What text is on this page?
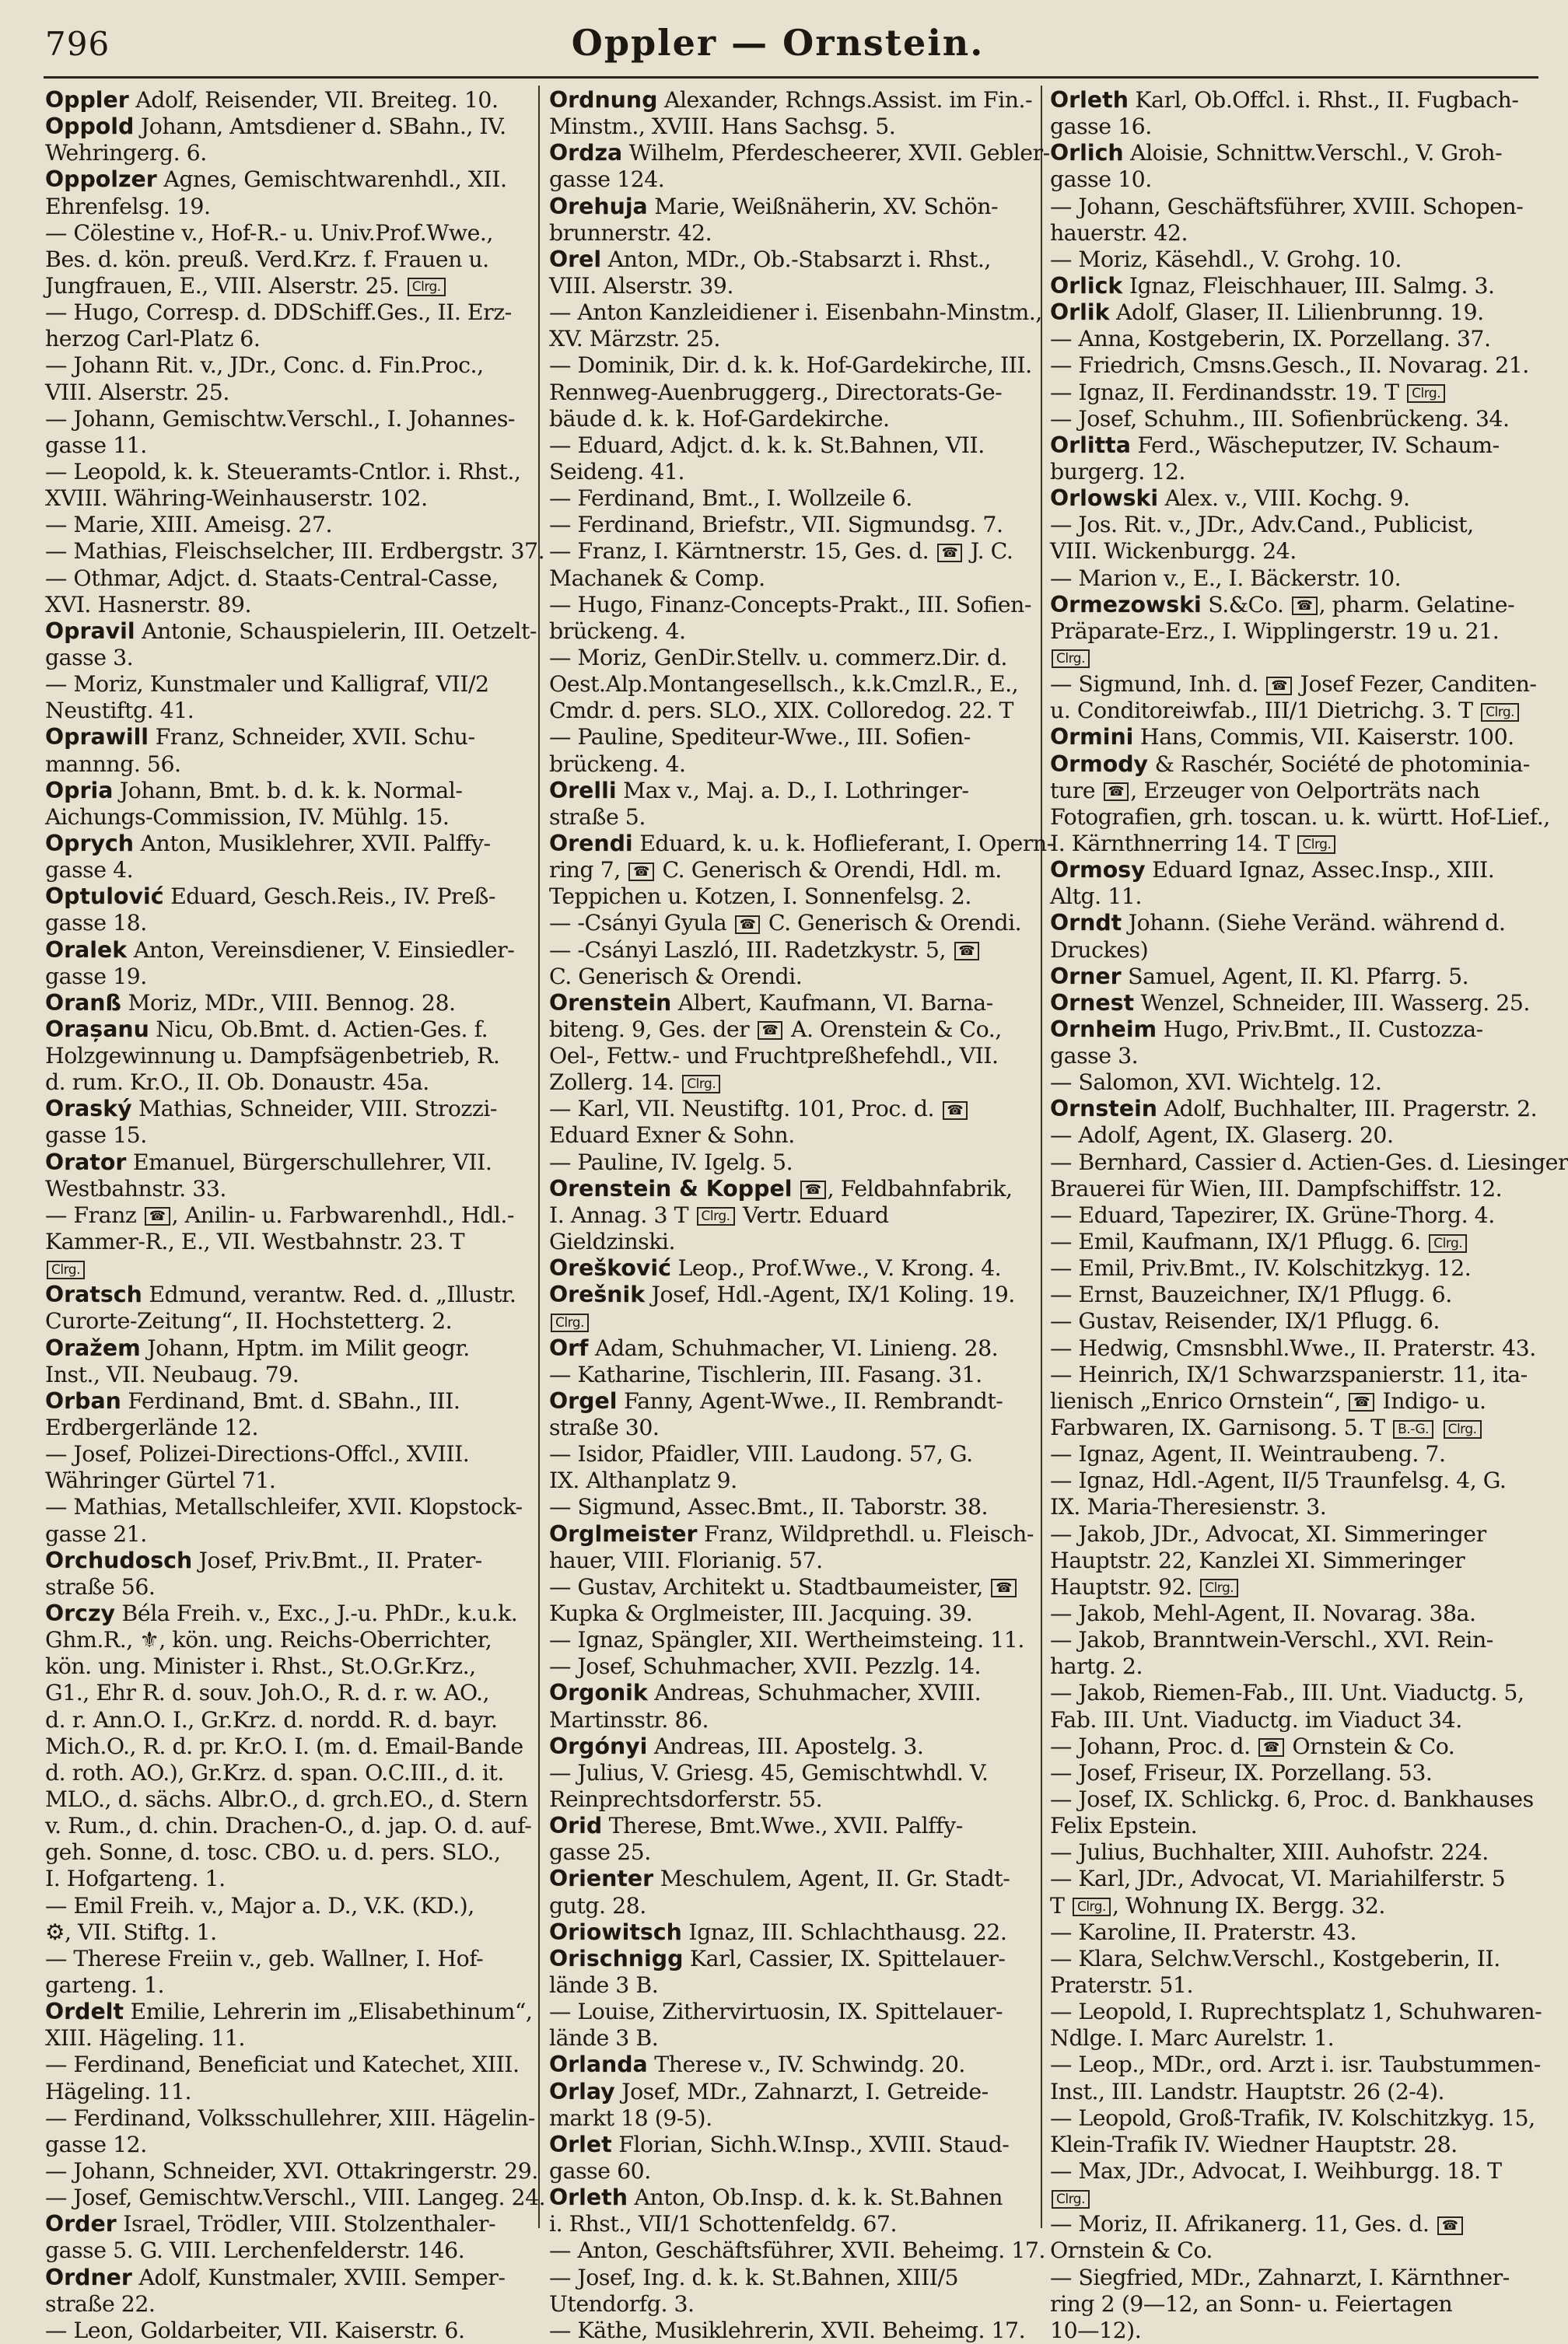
796	Oppler — Ornstein.
Oppler Adolf, Reisender, VII. Breiteg. 10.
Oppold Johann, Amtsdiener d. SBahn., IV.
Wehringerg. 6.
Oppolzer Agnes, Gemischtwarenhdl., XII.
Ehrenfelsg. 19.
— Cölestine v., Hof-R.- u. Univ.Prof.Wwe.,
Bes. d. kön. preuß. Verd.Krz. f. Frauen u.
Jungfrauen, E., VIII. Alserstr. 25. Clrg.
— Hugo, Corresp. d. DDSchiff.Ges., II. Erz-
herzog Carl-Platz 6.
— Johann Rit. v., JDr., Conc. d. Fin.Proc.,
VIII. Alserstr. 25.
— Johann, Gemischtw.Verschl., I. Johannes-
gasse 11.
— Leopold, k. k. Steueramts-Cntlor. i. Rhst.,
XVIII. Währing-Weinhauserstr. 102.
— Marie, XIII. Ameisg. 27.
— Mathias, Fleischselcher, III. Erdbergstr. 37.
— Othmar, Adjct. d. Staats-Central-Casse,
XVI. Hasnerstr. 89.
Opravil Antonie, Schauspielerin, III. Oetzelt-
gasse 3.
— Moriz, Kunstmaler und Kalligraf, VII/2
Neustiftg. 41.
Oprawill Franz, Schneider, XVII. Schu-
mannng. 56.
Opria Johann, Bmt. b. d. k. k. Normal-
Aichungs-Commission, IV. Mühlg. 15.
Oprych Anton, Musiklehrer, XVII. Palffy-
gasse 4.
Optulović Eduard, Gesch.Reis., IV. Preß-
gasse 18.
Oralek Anton, Vereinsdiener, V. Einsiedler-
gasse 19.
Oranß Moriz, MDr., VIII. Bennog. 28.
Orașanu Nicu, Ob.Bmt. d. Actien-Ges. f.
Holzgewinnung u. Dampfsägenbetrieb, R.
d. rum. Kr.O., II. Ob. Donaustr. 45a.
Oraský Mathias, Schneider, VIII. Strozzi-
gasse 15.
Orator Emanuel, Bürgerschullehrer, VII.
Westbahnstr. 33.
— Franz ☎ , Anilin- u. Farbwarenhdl., Hdl.-
Kammer-R., E., VII. Westbahnstr. 23. T
Clrg.
Oratsch Edmund, verantw. Red. d. „Illustr.
Curorte-Zeitung“, II. Hochstetterg. 2.
Oražem Johann, Hptm. im Milit geogr.
Inst., VII. Neubaug. 79.
Orban Ferdinand, Bmt. d. SBahn., III.
Erdbergerlände 12.
— Josef, Polizei-Directions-Offcl., XVIII.
Währinger Gürtel 71.
— Mathias, Metallschleifer, XVII. Klopstock-
gasse 21.
Orchudosch Josef, Priv.Bmt., II. Prater-
straße 56.
Orczy Béla Freih. v., Exc., J.-u. PhDr., k.u.k.
Ghm.R., ⚜, kön. ung. Reichs-Oberrichter,
kön. ung. Minister i. Rhst., St.O.Gr.Krz.,
G1., Ehr R. d. souv. Joh.O., R. d. r. w. AO.,
d. r. Ann.O. I., Gr.Krz. d. nordd. R. d. bayr.
Mich.O., R. d. pr. Kr.O. I. (m. d. Email-Bande
d. roth. AO.), Gr.Krz. d. span. O.C.III., d. it.
MLO., d. sächs. Albr.O., d. grch.EO., d. Stern
v. Rum., d. chin. Drachen-O., d. jap. O. d. auf-
geh. Sonne, d. tosc. CBO. u. d. pers. SLO.,
I. Hofgarteng. 1.
— Emil Freih. v., Major a. D., V.K. (KD.),
⚙, VII. Stiftg. 1.
— Therese Freiin v., geb. Wallner, I. Hof-
garteng. 1.
Ordelt Emilie, Lehrerin im „Elisabethinum“,
XIII. Hägeling. 11.
— Ferdinand, Beneficiat und Katechet, XIII.
Hägeling. 11.
— Ferdinand, Volksschullehrer, XIII. Hägelin-
gasse 12.
— Johann, Schneider, XVI. Ottakringerstr. 29.
— Josef, Gemischtw.Verschl., VIII. Langeg. 24.
Order Israel, Trödler, VIII. Stolzenthaler-
gasse 5. G. VIII. Lerchenfelderstr. 146.
Ordner Adolf, Kunstmaler, XVIII. Semper-
straße 22.
— Leon, Goldarbeiter, VII. Kaiserstr. 6.
Ordnung Alexander, Rchngs.Assist. im Fin.-
Minstm., XVIII. Hans Sachsg. 5.
Ordza Wilhelm, Pferdescheerer, XVII. Gebler-
gasse 124.
Orehuja Marie, Weißnäherin, XV. Schön-
brunnerstr. 42.
Orel Anton, MDr., Ob.-Stabsarzt i. Rhst.,
VIII. Alserstr. 39.
— Anton Kanzleidiener i. Eisenbahn-Minstm.,
XV. Märzstr. 25.
— Dominik, Dir. d. k. k. Hof-Gardekirche, III.
Rennweg-Auenbruggerg., Directorats-Ge-
bäude d. k. k. Hof-Gardekirche.
— Eduard, Adjct. d. k. k. St.Bahnen, VII.
Seideng. 41.
— Ferdinand, Bmt., I. Wollzeile 6.
— Ferdinand, Briefstr., VII. Sigmundsg. 7.
— Franz, I. Kärntnerstr. 15, Ges. d. ☎ J. C.
Machanek & Comp.
— Hugo, Finanz-Concepts-Prakt., III. Sofien-
brückeng. 4.
— Moriz, GenDir.Stellv. u. commerz.Dir. d.
Oest.Alp.Montangesellsch., k.k.Cmzl.R., E.,
Cmdr. d. pers. SLO., XIX. Colloredog. 22. T
— Pauline, Spediteur-Wwe., III. Sofien-
brückeng. 4.
Orelli Max v., Maj. a. D., I. Lothringer-
straße 5.
Orendi Eduard, k. u. k. Hoflieferant, I. Opern-
ring 7, ☎ C. Generisch & Orendi, Hdl. m.
Teppichen u. Kotzen, I. Sonnenfelsg. 2.
— -Csányi Gyula ☎ C. Generisch & Orendi.
— -Csányi Laszló, III. Radetzkystr. 5, ☎
C. Generisch & Orendi.
Orenstein Albert, Kaufmann, VI. Barna-
biteng. 9, Ges. der ☎ A. Orenstein & Co.,
Oel-, Fettw.- und Fruchtpreßhefehdl., VII.
Zollerg. 14. Clrg.
— Karl, VII. Neustiftg. 101, Proc. d. ☎
Eduard Exner & Sohn.
— Pauline, IV. Igelg. 5.
Orenstein & Koppel ☎ , Feldbahnfabrik,
I. Annag. 3 T Clrg. Vertr. Eduard
Gieldzinski.
Orešković Leop., Prof.Wwe., V. Krong. 4.
Orešnik Josef, Hdl.-Agent, IX/1 Koling. 19.
Clrg.
Orf Adam, Schuhmacher, VI. Linieng. 28.
— Katharine, Tischlerin, III. Fasang. 31.
Orgel Fanny, Agent-Wwe., II. Rembrandt-
straße 30.
— Isidor, Pfaidler, VIII. Laudong. 57, G.
IX. Althanplatz 9.
— Sigmund, Assec.Bmt., II. Taborstr. 38.
Orglmeister Franz, Wildprethdl. u. Fleisch-
hauer, VIII. Florianig. 57.
— Gustav, Architekt u. Stadtbaumeister, ☎
Kupka & Orglmeister, III. Jacquing. 39.
— Ignaz, Spängler, XII. Wertheimsteing. 11.
— Josef, Schuhmacher, XVII. Pezzlg. 14.
Orgonik Andreas, Schuhmacher, XVIII.
Martinsstr. 86.
Orgónyi Andreas, III. Apostelg. 3.
— Julius, V. Griesg. 45, Gemischtwhdl. V.
Reinprechtsdorferstr. 55.
Orid Therese, Bmt.Wwe., XVII. Palffy-
gasse 25.
Orienter Meschulem, Agent, II. Gr. Stadt-
gutg. 28.
Oriowitsch Ignaz, III. Schlachthausg. 22.
Orischnigg Karl, Cassier, IX. Spittelauer-
lände 3 B.
— Louise, Zithervirtuosin, IX. Spittelauer-
lände 3 B.
Orlanda Therese v., IV. Schwindg. 20.
Orlay Josef, MDr., Zahnarzt, I. Getreide-
markt 18 (9-5).
Orlet Florian, Sichh.W.Insp., XVIII. Staud-
gasse 60.
Orleth Anton, Ob.Insp. d. k. k. St.Bahnen
i. Rhst., VII/1 Schottenfeldg. 67.
— Anton, Geschäftsführer, XVII. Beheimg. 17.
— Josef, Ing. d. k. k. St.Bahnen, XIII/5
Utendorfg. 3.
— Käthe, Musiklehrerin, XVII. Beheimg. 17.
Orleth Karl, Ob.Offcl. i. Rhst., II. Fugbach-
gasse 16.
Orlich Aloisie, Schnittw.Verschl., V. Groh-
gasse 10.
— Johann, Geschäftsführer, XVIII. Schopen-
hauerstr. 42.
— Moriz, Käsehdl., V. Grohg. 10.
Orlick Ignaz, Fleischhauer, III. Salmg. 3.
Orlik Adolf, Glaser, II. Lilienbrunng. 19.
— Anna, Kostgeberin, IX. Porzellang. 37.
— Friedrich, Cmsns.Gesch., II. Novarag. 21.
— Ignaz, II. Ferdinandsstr. 19. T Clrg.
— Josef, Schuhm., III. Sofienbrückeng. 34.
Orlitta Ferd., Wäscheputzer, IV. Schaum-
burgerg. 12.
Orlowski Alex. v., VIII. Kochg. 9.
— Jos. Rit. v., JDr., Adv.Cand., Publicist,
VIII. Wickenburgg. 24.
— Marion v., E., I. Bäckerstr. 10.
Ormezowski S.&Co. ☎ , pharm. Gelatine-
Präparate-Erz., I. Wipplingerstr. 19 u. 21.
Clrg.
— Sigmund, Inh. d. ☎ Josef Fezer, Canditen-
u. Conditoreiwfab., III/1 Dietrichg. 3. T Clrg.
Ormini Hans, Commis, VII. Kaiserstr. 100.
Ormody & Raschér, Société de photominia-
ture ☎ , Erzeuger von Oelporträts nach
Fotografien, grh. toscan. u. k. württ. Hof-Lief.,
I. Kärnthnerring 14. T Clrg.
Ormosy Eduard Ignaz, Assec.Insp., XIII.
Altg. 11.
Orndt Johann. (Siehe Veränd. während d.
Druckes)
Orner Samuel, Agent, II. Kl. Pfarrg. 5.
Ornest Wenzel, Schneider, III. Wasserg. 25.
Ornheim Hugo, Priv.Bmt., II. Custozza-
gasse 3.
— Salomon, XVI. Wichtelg. 12.
Ornstein Adolf, Buchhalter, III. Pragerstr. 2.
— Adolf, Agent, IX. Glaserg. 20.
— Bernhard, Cassier d. Actien-Ges. d. Liesinger
Brauerei für Wien, III. Dampfschiffstr. 12.
— Eduard, Tapezirer, IX. Grüne-Thorg. 4.
— Emil, Kaufmann, IX/1 Pflugg. 6. Clrg.
— Emil, Priv.Bmt., IV. Kolschitzkyg. 12.
— Ernst, Bauzeichner, IX/1 Pflugg. 6.
— Gustav, Reisender, IX/1 Pflugg. 6.
— Hedwig, Cmsnsbhl.Wwe., II. Praterstr. 43.
— Heinrich, IX/1 Schwarzspanierstr. 11, ita-
lienisch „Enrico Ornstein“, ☎ Indigo- u.
Farbwaren, IX. Garnisong. 5. T B.-G. Clrg.
— Ignaz, Agent, II. Weintraubeng. 7.
— Ignaz, Hdl.-Agent, II/5 Traunfelsg. 4, G.
IX. Maria-Theresienstr. 3.
— Jakob, JDr., Advocat, XI. Simmeringer
Hauptstr. 22, Kanzlei XI. Simmeringer
Hauptstr. 92. Clrg.
— Jakob, Mehl-Agent, II. Novarag. 38a.
— Jakob, Branntwein-Verschl., XVI. Rein-
hartg. 2.
— Jakob, Riemen-Fab., III. Unt. Viaductg. 5,
Fab. III. Unt. Viaductg. im Viaduct 34.
— Johann, Proc. d. ☎ Ornstein & Co.
— Josef, Friseur, IX. Porzellang. 53.
— Josef, IX. Schlickg. 6, Proc. d. Bankhauses
Felix Epstein.
— Julius, Buchhalter, XIII. Auhofstr. 224.
— Karl, JDr., Advocat, VI. Mariahilferstr. 5
T Clrg. , Wohnung IX. Bergg. 32.
— Karoline, II. Praterstr. 43.
— Klara, Selchw.Verschl., Kostgeberin, II.
Praterstr. 51.
— Leopold, I. Ruprechtsplatz 1, Schuhwaren-
Ndlge. I. Marc Aurelstr. 1.
— Leop., MDr., ord. Arzt i. isr. Taubstummen-
Inst., III. Landstr. Hauptstr. 26 (2-4).
— Leopold, Groß-Trafik, IV. Kolschitzkyg. 15,
Klein-Trafik IV. Wiedner Hauptstr. 28.
— Max, JDr., Advocat, I. Weihburgg. 18. T
Clrg.
— Moriz, II. Afrikanerg. 11, Ges. d. ☎
Ornstein & Co.
— Siegfried, MDr., Zahnarzt, I. Kärnthner-
ring 2 (9—12, an Sonn- u. Feiertagen
10—12).
